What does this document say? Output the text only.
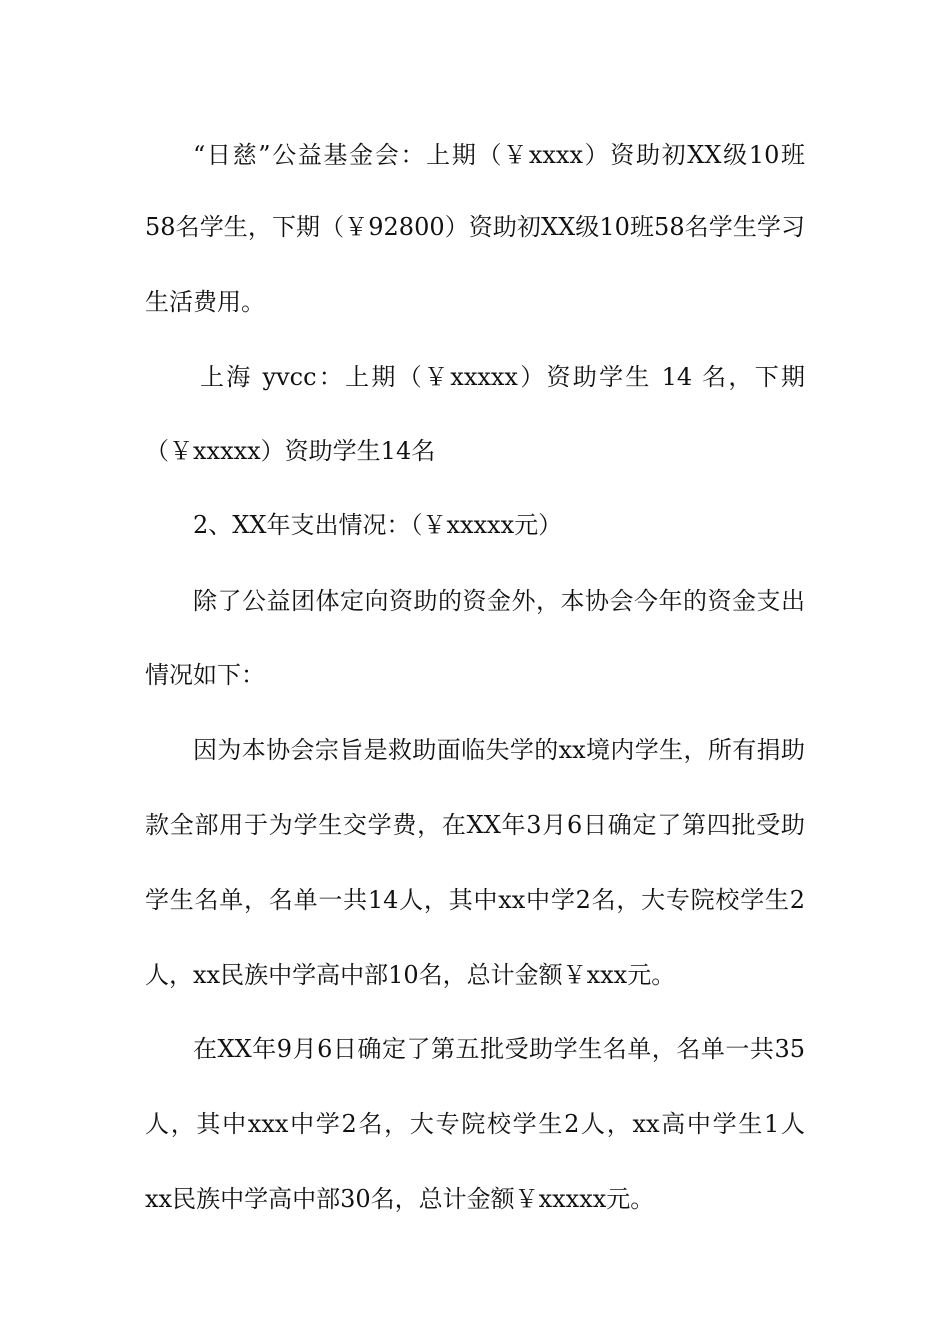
“日慈”公益基金会：上期（￥xxxx）资助初XX级10班
58名学生，下期（￥92800）资助初XX级10班58名学生学习
生活费用。
上海 yvcc：上期（￥xxxxx）资助学生 14 名，下期
（￥xxxxx）资助学生14名
2、XX年支出情况：（￥xxxxx元）
除了公益团体定向资助的资金外，本协会今年的资金支出
情况如下：
因为本协会宗旨是救助面临失学的xx境内学生，所有捐助
款全部用于为学生交学费，在XX年3月6日确定了第四批受助
学生名单，名单一共14人，其中xx中学2名，大专院校学生2
人，xx民族中学高中部10名，总计金额￥xxx元。
在XX年9月6日确定了第五批受助学生名单，名单一共35
人，其中xxx中学2名，大专院校学生2人，xx高中学生1人
xx民族中学高中部30名，总计金额￥xxxxx元。
